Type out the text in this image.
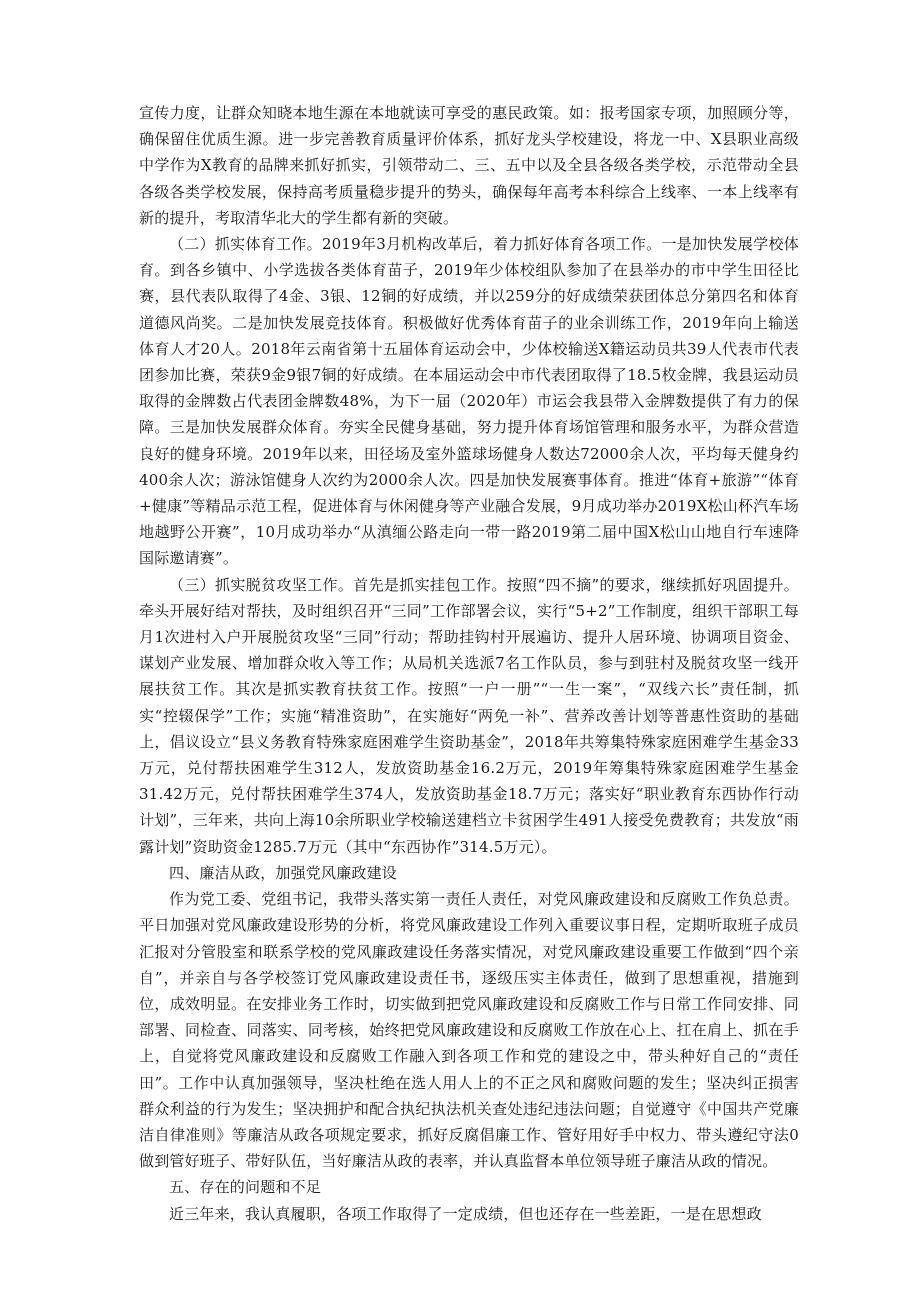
宣传力度，让群众知晓本地生源在本地就读可享受的惠民政策。如：报考国家专项，加照顾分等，确保留住优质生源。进一步完善教育质量评价体系，抓好龙头学校建设，将龙一中、X县职业高级中学作为X教育的品牌来抓好抓实，引领带动二、三、五中以及全县各级各类学校，示范带动全县各级各类学校发展，保持高考质量稳步提升的势头，确保每年高考本科综合上线率、一本上线率有新的提升，考取清华北大的学生都有新的突破。

（二）抓实体育工作。2019年3月机构改革后，着力抓好体育各项工作。一是加快发展学校体育。到各乡镇中、小学选拔各类体育苗子，2019年少体校组队参加了在县举办的市中学生田径比赛，县代表队取得了4金、3银、12铜的好成绩，并以259分的好成绩荣获团体总分第四名和体育道德风尚奖。二是加快发展竞技体育。积极做好优秀体育苗子的业余训练工作，2019年向上输送体育人才20人。2018年云南省第十五届体育运动会中，少体校输送X籍运动员共39人代表市代表团参加比赛，荣获9金9银7铜的好成绩。在本届运动会中市代表团取得了18.5枚金牌，我县运动员取得的金牌数占代表团金牌数48%，为下一届（2020年）市运会我县带入金牌数提供了有力的保障。三是加快发展群众体育。夯实全民健身基础，努力提升体育场馆管理和服务水平，为群众营造良好的健身环境。2019年以来，田径场及室外篮球场健身人数达72000余人次，平均每天健身约400余人次；游泳馆健身人次约为2000余人次。四是加快发展赛事体育。推进“体育+旅游”“体育+健康”等精品示范工程，促进体育与休闲健身等产业融合发展，9月成功举办2019X松山杯汽车场地越野公开赛”，10月成功举办“从滇缅公路走向一带一路2019第二届中国X松山山地自行车速降国际邀请赛”。

（三）抓实脱贫攻坚工作。首先是抓实挂包工作。按照“四不摘”的要求，继续抓好巩固提升。牵头开展好结对帮扶，及时组织召开“三同”工作部署会议，实行“5+2”工作制度，组织干部职工每月1次进村入户开展脱贫攻坚“三同”行动；帮助挂钩村开展遍访、提升人居环境、协调项目资金、谋划产业发展、增加群众收入等工作；从局机关选派7名工作队员，参与到驻村及脱贫攻坚一线开展扶贫工作。其次是抓实教育扶贫工作。按照“一户一册”“一生一案”，“双线六长”责任制，抓实“控辍保学”工作；实施“精准资助”，在实施好“两免一补”、营养改善计划等普惠性资助的基础上，倡议设立“县义务教育特殊家庭困难学生资助基金”，2018年共筹集特殊家庭困难学生基金33万元，兑付帮扶困难学生312人，发放资助基金16.2万元，2019年筹集特殊家庭困难学生基金31.42万元，兑付帮扶困难学生374人，发放资助基金18.7万元；落实好“职业教育东西协作行动计划”，三年来，共向上海10余所职业学校输送建档立卡贫困学生491人接受免费教育；共发放“雨露计划”资助资金1285.7万元（其中“东西协作”314.5万元）。

四、廉洁从政，加强党风廉政建设

作为党工委、党组书记，我带头落实第一责任人责任，对党风廉政建设和反腐败工作负总责。平日加强对党风廉政建设形势的分析，将党风廉政建设工作列入重要议事日程，定期听取班子成员汇报对分管股室和联系学校的党风廉政建设任务落实情况，对党风廉政建设重要工作做到“四个亲自”，并亲自与各学校签订党风廉政建设责任书，逐级压实主体责任，做到了思想重视，措施到位，成效明显。在安排业务工作时，切实做到把党风廉政建设和反腐败工作与日常工作同安排、同部署、同检查、同落实、同考核，始终把党风廉政建设和反腐败工作放在心上、扛在肩上、抓在手上，自觉将党风廉政建设和反腐败工作融入到各项工作和党的建设之中，带头种好自己的“责任田”。工作中认真加强领导，坚决杜绝在选人用人上的不正之风和腐败问题的发生；坚决纠正损害群众利益的行为发生；坚决拥护和配合执纪执法机关查处违纪违法问题；自觉遵守《中国共产党廉洁自律准则》等廉洁从政各项规定要求，抓好反腐倡廉工作、管好用好手中权力、带头遵纪守法0做到管好班子、带好队伍，当好廉洁从政的表率，并认真监督本单位领导班子廉洁从政的情况。

五、存在的问题和不足

近三年来，我认真履职，各项工作取得了一定成绩，但也还存在一些差距，一是在思想政
